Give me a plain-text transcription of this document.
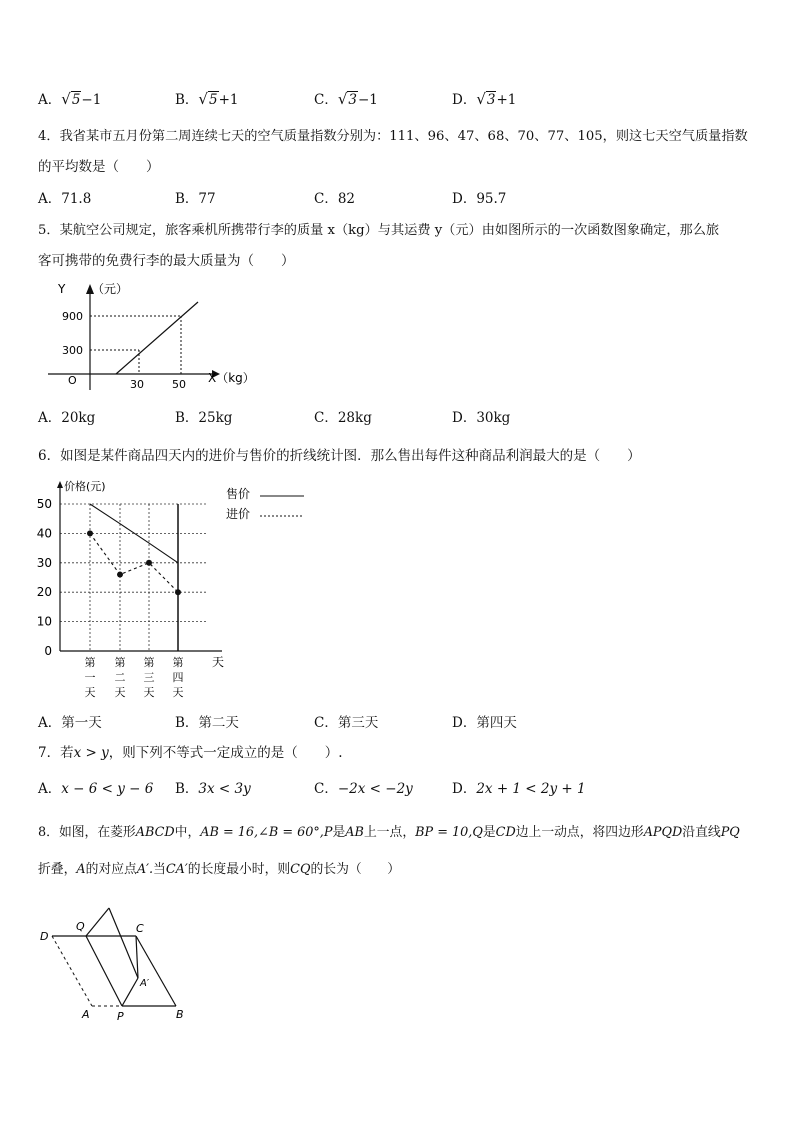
A．√5−1	B．√5+1	C．√3−1	D．√3+1
4．我省某市五月份第二周连续七天的空气质量指数分别为：111、96、47、68、70、77、105，则这七天空气质量指数
的平均数是（　　）
A．71.8	B．77	C．82	D．95.7
5．某航空公司规定，旅客乘机所携带行李的质量 x（kg）与其运费 y（元）由如图所示的一次函数图象确定，那么旅
客可携带的免费行李的最大质量为（　　）
Y （元）
900
300
O	30	50 X（kg）
A．20kg	B．25kg	C．28kg	D．30kg
6．如图是某件商品四天内的进价与售价的折线统计图．那么售出每件这种商品利润最大的是（　　）
50
40
30
20
10
0
价格(元)
天
第
一
天
第
二
天
第
三
天
第
四
天
售价
进价
A．第一天	B．第二天	C．第三天	D．第四天
7．若x > y，则下列不等式一定成立的是（　　）.
A．x − 6 < y − 6 B．3x < 3y	C．−2x < −2y	D．2x + 1 < 2y + 1
8．如图，在菱形ABCD中，AB = 16,∠B = 60°,P是AB上一点，BP = 10,Q是CD边上一动点，将四边形APQD沿直线PQ
折叠，A的对应点A′.当CA′的长度最小时，则CQ的长为（　　）
D
Q	C
A′
A P	B
